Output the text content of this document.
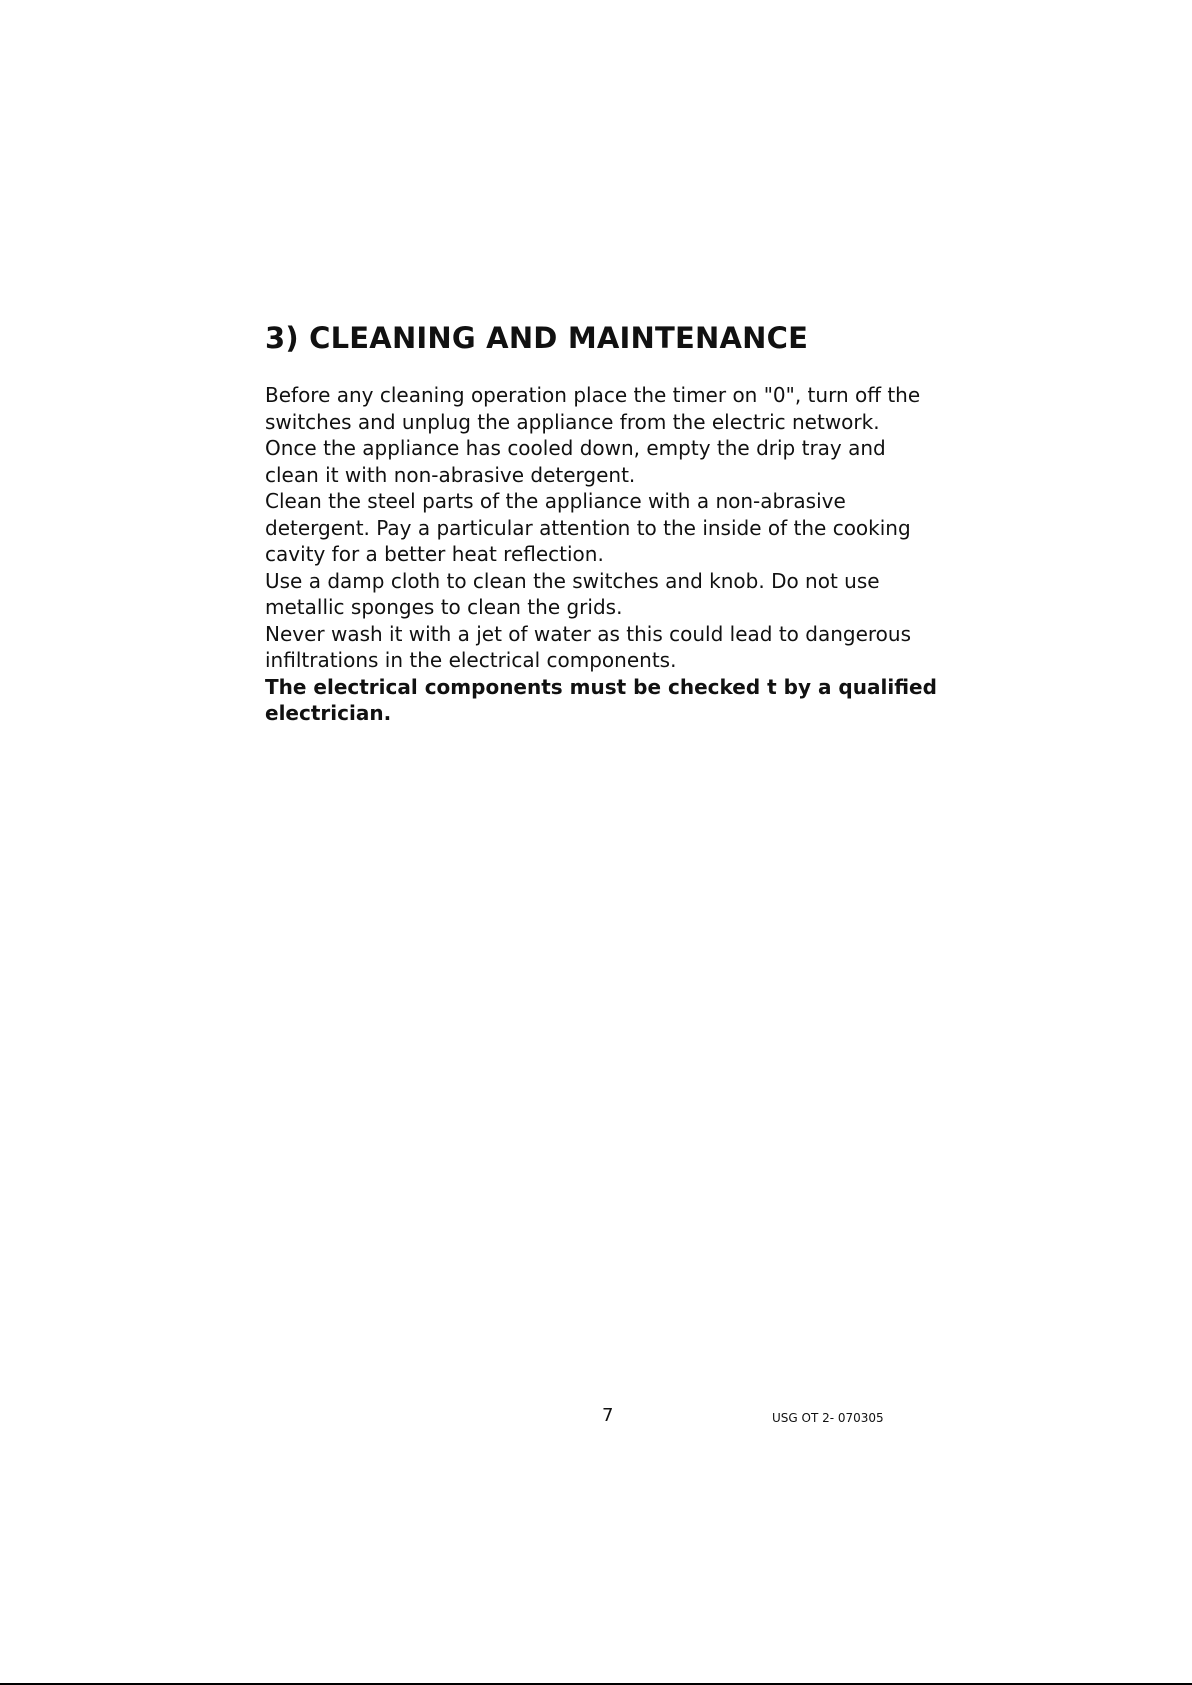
3) CLEANING AND MAINTENANCE
Before any cleaning operation place the timer on "0", turn off the
switches and unplug the appliance from the electric network.
Once the appliance has cooled down, empty the drip tray and
clean it with non-abrasive detergent.
Clean the steel parts of the appliance with a non-abrasive
detergent. Pay a particular attention to the inside of the cooking
cavity for a better heat reflection.
Use a damp cloth to clean the switches and knob. Do not use
metallic sponges to clean the grids.
Never wash it with a jet of water as this could lead to dangerous
infiltrations in the electrical components.
The electrical components must be checked t by a qualified
electrician.
7	USG OT 2- 070305
